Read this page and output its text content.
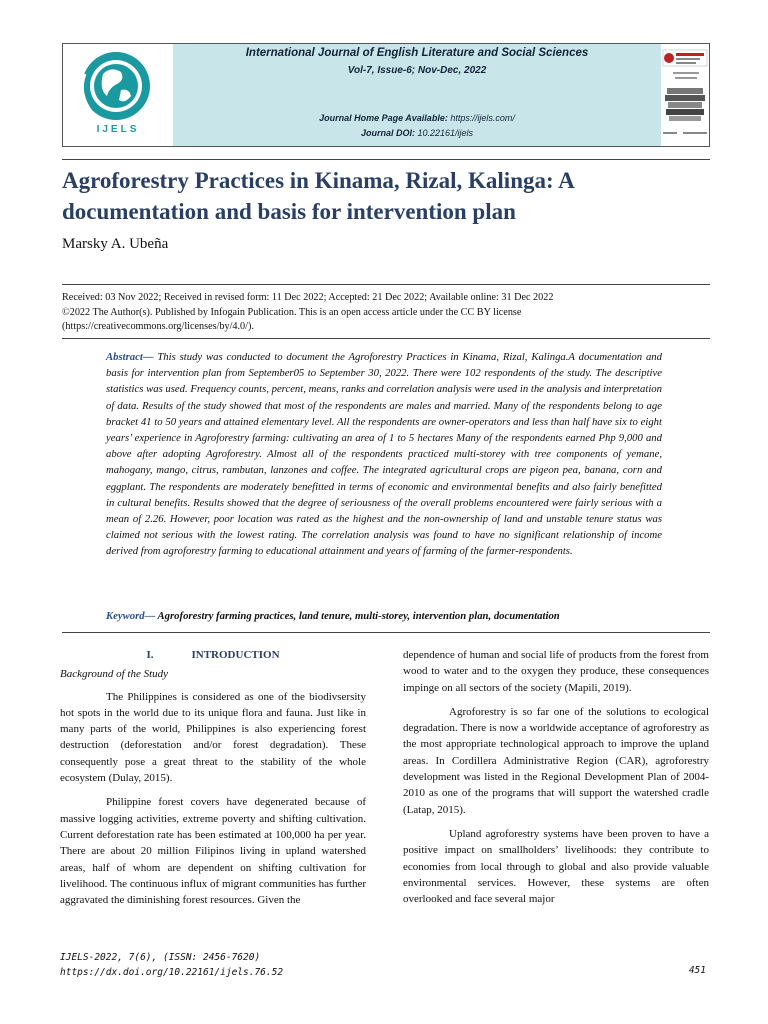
IJELS
International Journal of English Literature and Social Sciences
Vol-7, Issue-6; Nov-Dec, 2022
Journal Home Page Available: https://ijels.com/
Journal DOI: 10.22161/ijels
Agroforestry Practices in Kinama, Rizal, Kalinga: A documentation and basis for intervention plan
Marsky A. Ubeña
Received: 03 Nov 2022; Received in revised form: 11 Dec 2022; Accepted: 21 Dec 2022; Available online: 31 Dec 2022
©2022 The Author(s). Published by Infogain Publication. This is an open access article under the CC BY license
(https://creativecommons.org/licenses/by/4.0/).
Abstract— This study was conducted to document the Agroforestry Practices in Kinama, Rizal, Kalinga.A documentation and basis for intervention plan from September05 to September 30, 2022. There were 102 respondents of the study. The descriptive statistics was used. Frequency counts, percent, means, ranks and correlation analysis were used in the analysis and interpretation of data. Results of the study showed that most of the respondents are males and married. Many of the respondents belong to age bracket 41 to 50 years and attained elementary level. All the respondents are owner-operators and less than half have six to eight years’ experience in Agroforestry farming: cultivating an area of 1 to 5 hectares Many of the respondents earned Php 9,000 and above after adopting Agroforestry. Almost all of the respondents practiced multi-storey with tree components of yemane, mahogany, mango, citrus, rambutan, lanzones and coffee. The integrated agricultural crops are pigeon pea, banana, corn and eggplant. The respondents are moderately benefitted in terms of economic and environmental benefits and also fairly benefitted in cultural benefits. Results showed that the degree of seriousness of the overall problems encountered were fairly serious with a mean of 2.26. However, poor location was rated as the highest and the non-ownership of land and unstable tenure status was claimed not serious with the lowest rating. The correlation analysis was found to have no significant relationship of income derived from agroforestry farming to educational attainment and years of farming of the farmer-respondents.
Keyword— Agroforestry farming practices, land tenure, multi-storey, intervention plan, documentation
I.	INTRODUCTION
Background of the Study

The Philippines is considered as one of the biodivsersity hot spots in the world due to its unique flora and fauna. Just like in many parts of the world, Philippines is also experiencing forest destruction (deforestation and/or forest degradation). These consequently pose a great threat to the stability of the whole ecosystem (Dulay, 2015).

Philippine forest covers have degenerated because of massive logging activities, extreme poverty and shifting cultivation. Current deforestation rate has been estimated at 100,000 ha per year. There are about 20 million Filipinos living in upland watershed areas, half of whom are dependent on shifting cultivation for livelihood. The continuous influx of migrant communities has further aggravated the diminishing forest resources. Given the

dependence of human and social life of products from the forest from wood to water and to the oxygen they produce, these consequences impinge on all sectors of the society (Mapili, 2019).

Agroforestry is so far one of the solutions to ecological degradation. There is now a worldwide acceptance of agroforestry as the most appropriate technological approach to improve the upland areas. In Cordillera Administrative Region (CAR), agroforestry development was listed in the Regional Development Plan of 2004-2010 as one of the programs that will support the watershed cradle (Latap, 2015).

Upland agroforestry systems have been proven to have a positive impact on smallholders’ livelihoods: they contribute to economies from local through to global and also provide valuable environmental services. However, these systems are often overlooked and face several major

IJELS-2022, 7(6), (ISSN: 2456-7620)
https://dx.doi.org/10.22161/ijels.76.52	451
